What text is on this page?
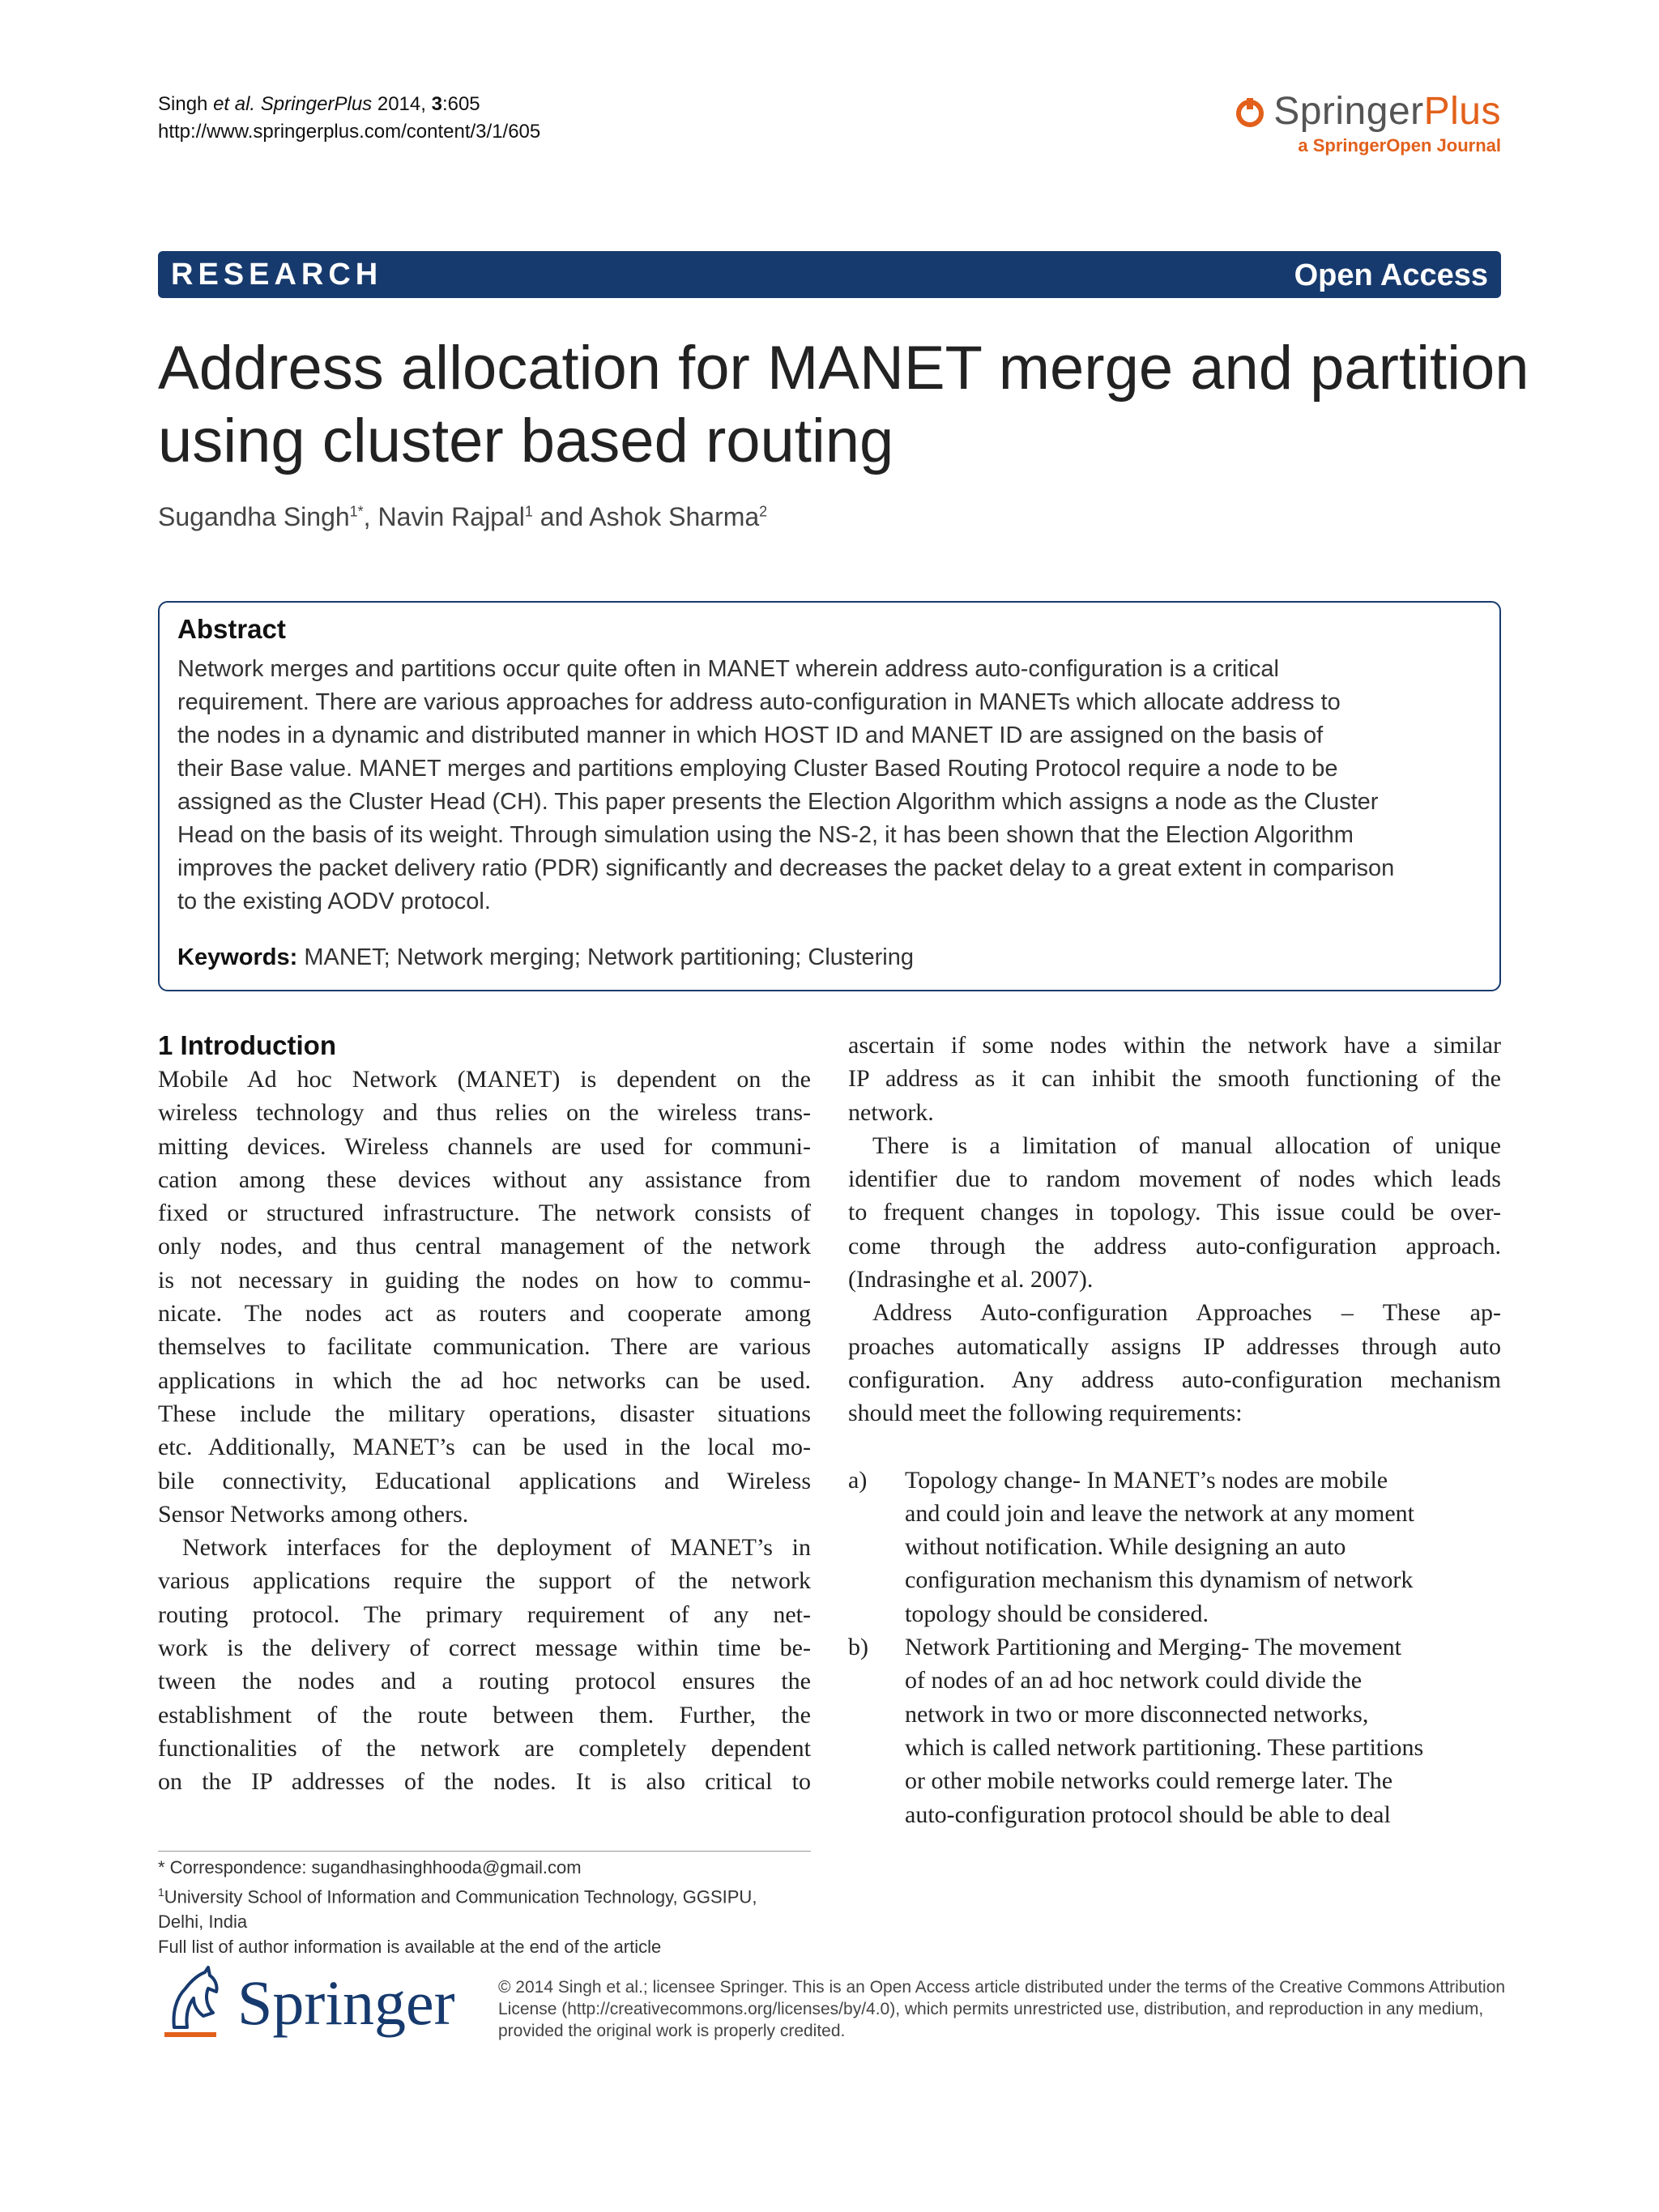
Singh et al. SpringerPlus 2014, 3:605
http://www.springerplus.com/content/3/1/605	SpringerPlus
a SpringerOpen Journal
RESEARCH	Open Access
Address allocation for MANET merge and partition using cluster based routing
Sugandha Singh$^{1*}$, Navin Rajpal$^1$ and Ashok Sharma$^2$
Abstract
Network merges and partitions occur quite often in MANET wherein address auto-configuration is a critical
requirement. There are various approaches for address auto-configuration in MANETs which allocate address to
the nodes in a dynamic and distributed manner in which HOST ID and MANET ID are assigned on the basis of
their Base value. MANET merges and partitions employing Cluster Based Routing Protocol require a node to be
assigned as the Cluster Head (CH). This paper presents the Election Algorithm which assigns a node as the Cluster
Head on the basis of its weight. Through simulation using the NS-2, it has been shown that the Election Algorithm
improves the packet delivery ratio (PDR) significantly and decreases the packet delay to a great extent in comparison
to the existing AODV protocol.
Keywords: MANET; Network merging; Network partitioning; Clustering
1 Introduction
Mobile Ad hoc Network (MANET) is dependent on the
wireless technology and thus relies on the wireless trans-
mitting devices. Wireless channels are used for communi-
cation among these devices without any assistance from
fixed or structured infrastructure. The network consists of
only nodes, and thus central management of the network
is not necessary in guiding the nodes on how to commu-
nicate. The nodes act as routers and cooperate among
themselves to facilitate communication. There are various
applications in which the ad hoc networks can be used.
These include the military operations, disaster situations
etc. Additionally, MANET’s can be used in the local mo-
bile connectivity, Educational applications and Wireless
Sensor Networks among others.
Network interfaces for the deployment of MANET’s in
various applications require the support of the network
routing protocol. The primary requirement of any net-
work is the delivery of correct message within time be-
tween the nodes and a routing protocol ensures the
establishment of the route between them. Further, the
functionalities of the network are completely dependent
on the IP addresses of the nodes. It is also critical to
ascertain if some nodes within the network have a similar
IP address as it can inhibit the smooth functioning of the
network.
There is a limitation of manual allocation of unique
identifier due to random movement of nodes which leads
to frequent changes in topology. This issue could be over-
come through the address auto-configuration approach.
(Indrasinghe et al. 2007).
Address Auto-configuration Approaches – These ap-
proaches automatically assigns IP addresses through auto
configuration. Any address auto-configuration mechanism
should meet the following requirements:
a)	Topology change- In MANET’s nodes are mobile
and could join and leave the network at any moment
without notification. While designing an auto
configuration mechanism this dynamism of network
topology should be considered.
b)	Network Partitioning and Merging- The movement
of nodes of an ad hoc network could divide the
network in two or more disconnected networks,
which is called network partitioning. These partitions
or other mobile networks could remerge later. The
auto-configuration protocol should be able to deal
* Correspondence: sugandhasinghhooda@gmail.com
$^1$University School of Information and Communication Technology, GGSIPU,
Delhi, India
Full list of author information is available at the end of the article
Springer	© 2014 Singh et al.; licensee Springer. This is an Open Access article distributed under the terms of the Creative Commons Attribution License (http://creativecommons.org/licenses/by/4.0), which permits unrestricted use, distribution, and reproduction in any medium, provided the original work is properly credited.
